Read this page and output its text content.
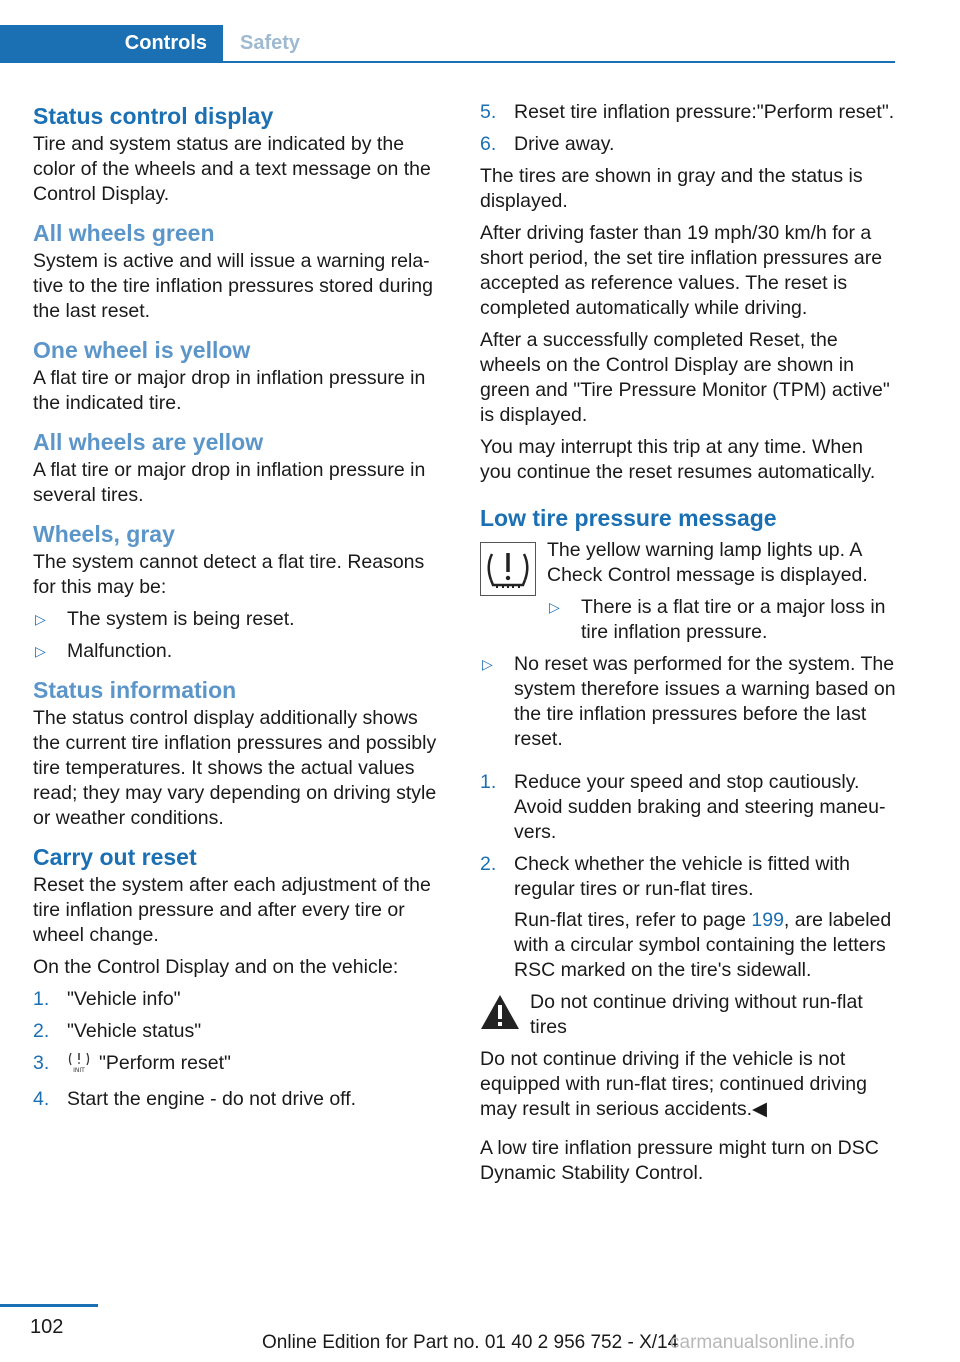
Controls	Safety
Status control display

Tire and system status are indicated by the color of the wheels and a text message on the Control Display.

All wheels green

System is active and will issue a warning relative to the tire inflation pressures stored during the last reset.

One wheel is yellow

A flat tire or major drop in inflation pressure in the indicated tire.

All wheels are yellow

A flat tire or major drop in inflation pressure in several tires.

Wheels, gray

The system cannot detect a flat tire. Reasons for this may be:

▷ The system is being reset.
▷ Malfunction.
Status information

The status control display additionally shows the current tire inflation pressures and possibly tire temperatures. It shows the actual values read; they may vary depending on driving style or weather conditions.

Carry out reset

Reset the system after each adjustment of the tire inflation pressure and after every tire or wheel change.

On the Control Display and on the vehicle:

1. "Vehicle info"
2. "Vehicle status"
3.	INIT "Perform reset"
4. Start the engine - do not drive off.
5. Reset tire inflation pressure:"Perform reset".
6. Drive away.

The tires are shown in gray and the status is displayed.

After driving faster than 19 mph/30 km/h for a short period, the set tire inflation pressures are accepted as reference values. The reset is completed automatically while driving.

After a successfully completed Reset, the wheels on the Control Display are shown in green and "Tire Pressure Monitor (TPM) active" is displayed.

You may interrupt this trip at any time. When you continue the reset resumes automatically.

Low tire pressure message

The yellow warning lamp lights up. A Check Control message is displayed.

▷ There is a flat tire or a major loss in tire inflation pressure.
▷ No reset was performed for the system. The system therefore issues a warning based on the tire inflation pressures before the last reset.
1. Reduce your speed and stop cautiously. Avoid sudden braking and steering maneuvers.
2. Check whether the vehicle is fitted with regular tires or run-flat tires.
Run-flat tires, refer to page 199, are labeled with a circular symbol containing the letters RSC marked on the tire's sidewall.

Do not continue driving without run-flat tires

Do not continue driving if the vehicle is not equipped with run-flat tires; continued driving may result in serious accidents.◀

A low tire inflation pressure might turn on DSC Dynamic Stability Control.

102
Online Edition for Part no. 01 40 2 956 752 - X/14
carmanualsonline.info
